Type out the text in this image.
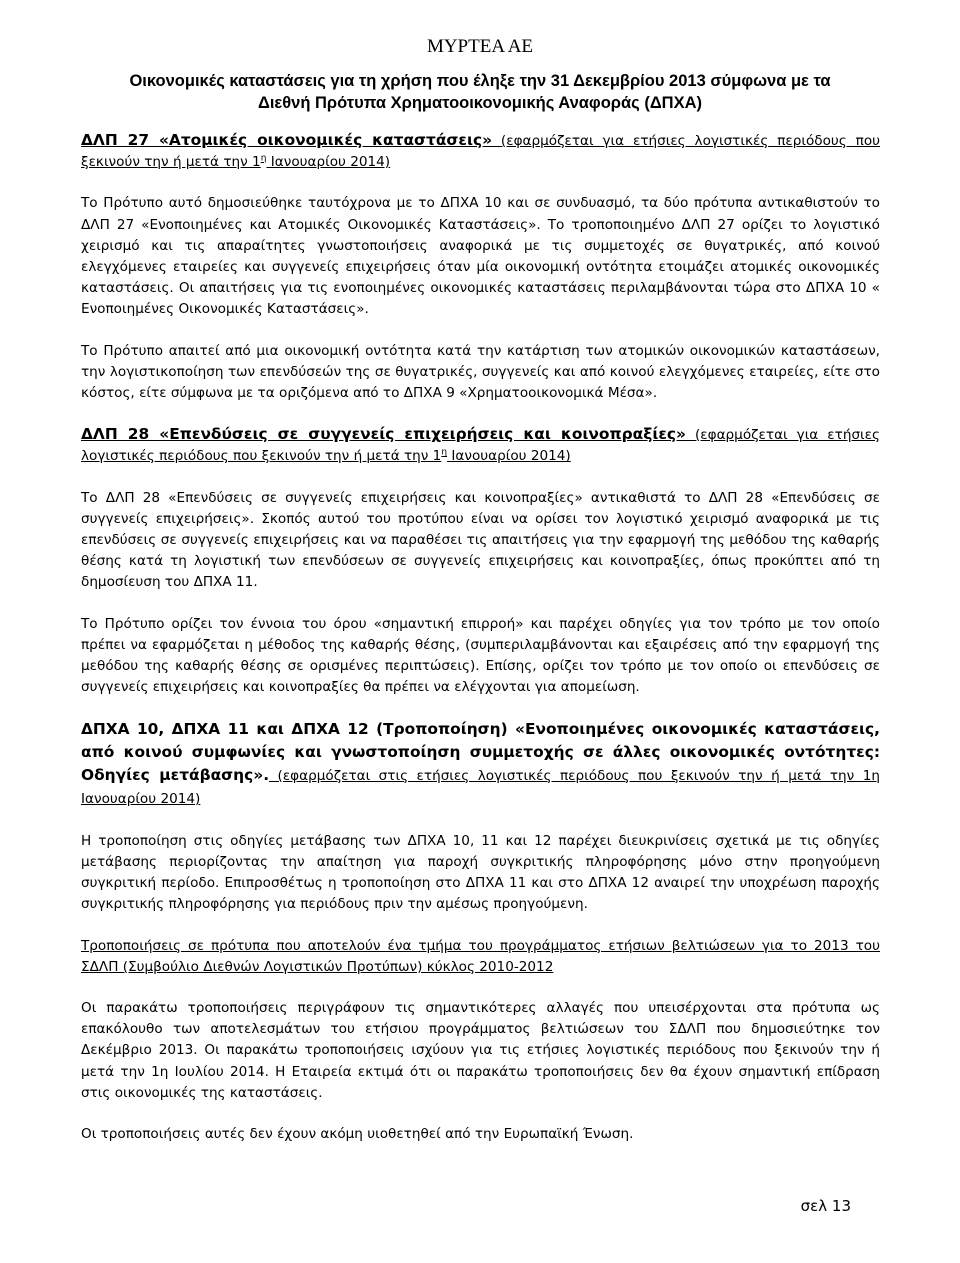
ΜΥΡΤΕΑ ΑΕ
Οικονομικές καταστάσεις για τη χρήση που έληξε την 31 Δεκεμβρίου 2013 σύμφωνα με τα
Διεθνή Πρότυπα Χρηματοοικονομικής Αναφοράς (ΔΠΧΑ)

ΔΛΠ 27 «Ατομικές οικονομικές καταστάσεις» (εφαρμόζεται για ετήσιες λογιστικές περιόδους που ξεκινούν την ή μετά την $1^\eta$ Ιανουαρίου 2014)

Το Πρότυπο αυτό δημοσιεύθηκε ταυτόχρονα με το ΔΠΧΑ 10 και σε συνδυασμό, τα δύο πρότυπα αντικαθιστούν το ΔΛΠ 27 «Ενοποιημένες και Ατομικές Οικονομικές Καταστάσεις». Το τροποποιημένο ΔΛΠ 27 ορίζει το λογιστικό χειρισμό και τις απαραίτητες γνωστοποιήσεις αναφορικά με τις συμμετοχές σε θυγατρικές, από κοινού ελεγχόμενες εταιρείες και συγγενείς επιχειρήσεις όταν μία οικονομική οντότητα ετοιμάζει ατομικές οικονομικές καταστάσεις. Οι απαιτήσεις για τις ενοποιημένες οικονομικές καταστάσεις περιλαμβάνονται τώρα στο ΔΠΧΑ 10 « Ενοποιημένες Οικονομικές Καταστάσεις».

Το Πρότυπο απαιτεί από μια οικονομική οντότητα κατά την κατάρτιση των ατομικών οικονομικών καταστάσεων, την λογιστικοποίηση των επενδύσεών της σε θυγατρικές, συγγενείς και από κοινού ελεγχόμενες εταιρείες, είτε στο κόστος, είτε σύμφωνα με τα οριζόμενα από το ΔΠΧΑ 9 «Χρηματοοικονομικά Μέσα».

ΔΛΠ 28 «Επενδύσεις σε συγγενείς επιχειρήσεις και κοινοπραξίες» (εφαρμόζεται για ετήσιες λογιστικές περιόδους που ξεκινούν την ή μετά την $1^\eta$ Ιανουαρίου 2014)

Το ΔΛΠ 28 «Επενδύσεις σε συγγενείς επιχειρήσεις και κοινοπραξίες» αντικαθιστά το ΔΛΠ 28 «Επενδύσεις σε συγγενείς επιχειρήσεις». Σκοπός αυτού του προτύπου είναι να ορίσει τον λογιστικό χειρισμό αναφορικά με τις επενδύσεις σε συγγενείς επιχειρήσεις και να παραθέσει τις απαιτήσεις για την εφαρμογή της μεθόδου της καθαρής θέσης κατά τη λογιστική των επενδύσεων σε συγγενείς επιχειρήσεις και κοινοπραξίες, όπως προκύπτει από τη δημοσίευση του ΔΠΧΑ 11.

Το Πρότυπο ορίζει τον έννοια του όρου «σημαντική επιρροή» και παρέχει οδηγίες για τον τρόπο με τον οποίο πρέπει να εφαρμόζεται η μέθοδος της καθαρής θέσης, (συμπεριλαμβάνονται και εξαιρέσεις από την εφαρμογή της μεθόδου της καθαρής θέσης σε ορισμένες περιπτώσεις). Επίσης, ορίζει τον τρόπο με τον οποίο οι επενδύσεις σε συγγενείς επιχειρήσεις και κοινοπραξίες θα πρέπει να ελέγχονται για απομείωση.

ΔΠΧΑ 10, ΔΠΧΑ 11 και ΔΠΧΑ 12 (Τροποποίηση) «Ενοποιημένες οικονομικές καταστάσεις, από κοινού συμφωνίες και γνωστοποίηση συμμετοχής σε άλλες οικονομικές οντότητες: Οδηγίες μετάβασης». (εφαρμόζεται στις ετήσιες λογιστικές περιόδους που ξεκινούν την ή μετά την 1η Ιανουαρίου 2014)

Η τροποποίηση στις οδηγίες μετάβασης των ΔΠΧΑ 10, 11 και 12 παρέχει διευκρινίσεις σχετικά με τις οδηγίες μετάβασης περιορίζοντας την απαίτηση για παροχή συγκριτικής πληροφόρησης μόνο στην προηγούμενη συγκριτική περίοδο. Επιπροσθέτως η τροποποίηση στο ΔΠΧΑ 11 και στο ΔΠΧΑ 12 αναιρεί την υποχρέωση παροχής συγκριτικής πληροφόρησης για περιόδους πριν την αμέσως προηγούμενη.

Τροποποιήσεις σε πρότυπα που αποτελούν ένα τμήμα του προγράμματος ετήσιων βελτιώσεων για το 2013 του ΣΔΛΠ (Συμβούλιο Διεθνών Λογιστικών Προτύπων) κύκλος 2010-2012

Οι παρακάτω τροποποιήσεις περιγράφουν τις σημαντικότερες αλλαγές που υπεισέρχονται στα πρότυπα ως επακόλουθο των αποτελεσμάτων του ετήσιου προγράμματος βελτιώσεων του ΣΔΛΠ που δημοσιεύτηκε τον Δεκέμβριο 2013. Οι παρακάτω τροποποιήσεις ισχύουν για τις ετήσιες λογιστικές περιόδους που ξεκινούν την ή μετά την 1η Ιουλίου 2014. Η Εταιρεία εκτιμά ότι οι παρακάτω τροποποιήσεις δεν θα έχουν σημαντική επίδραση στις οικονομικές της καταστάσεις.

Οι τροποποιήσεις αυτές δεν έχουν ακόμη υιοθετηθεί από την Ευρωπαϊκή Ένωση.

σελ 13
